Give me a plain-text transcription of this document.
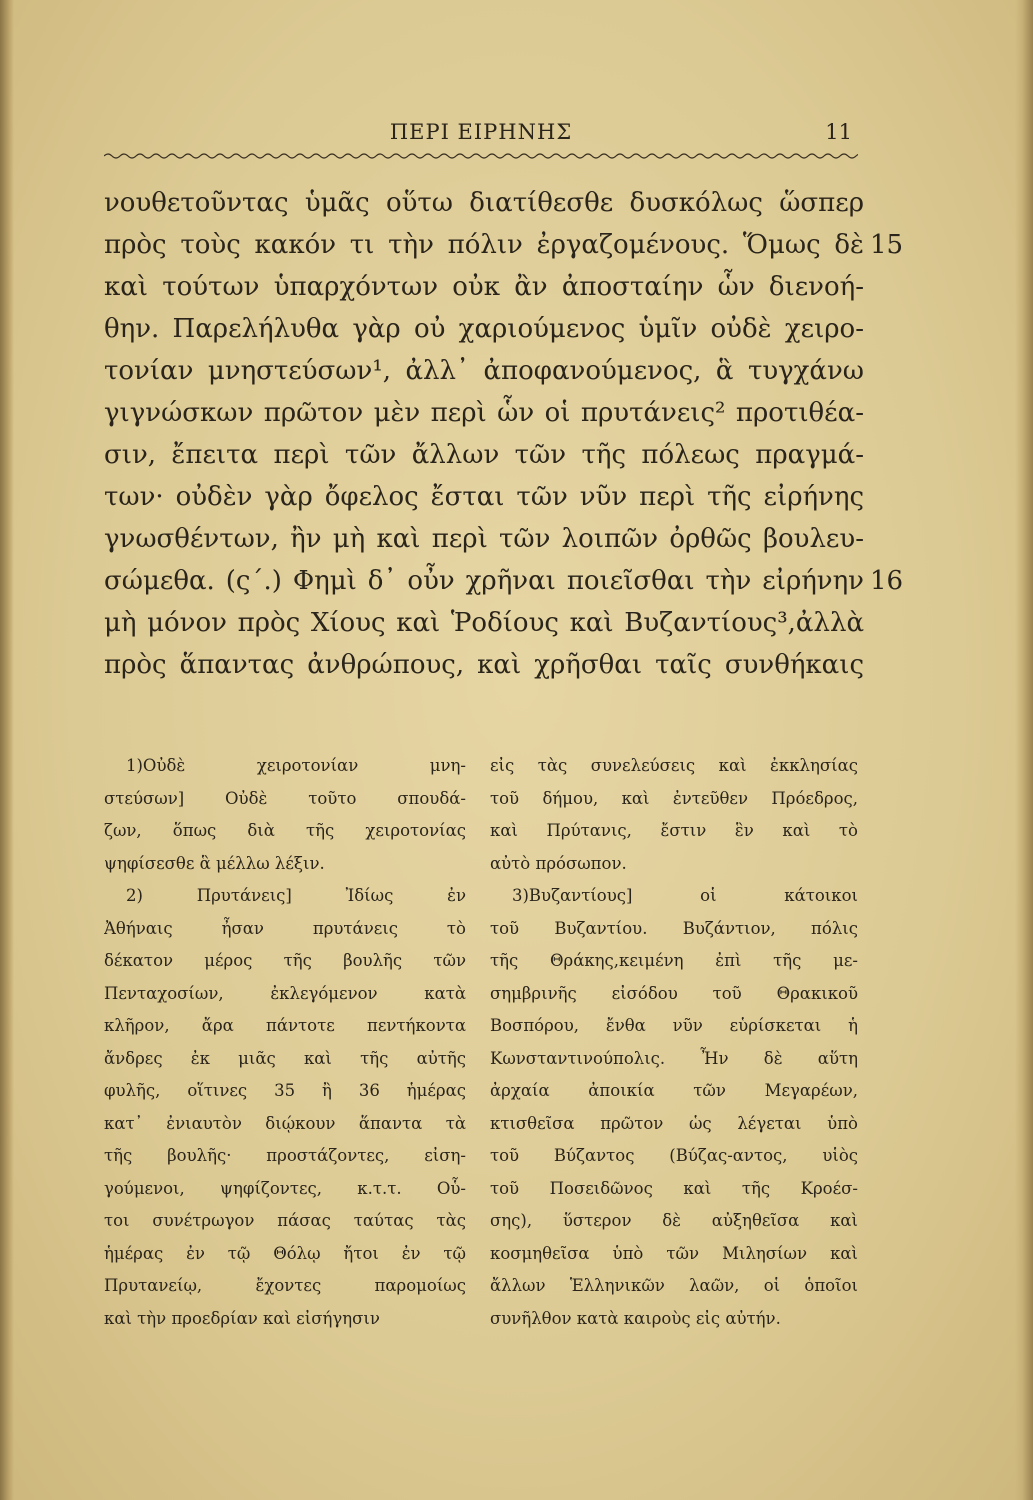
ΠΕΡΙ ΕΙΡΗΝΗΣ	11
νουθετοῦντας ὑμᾶς οὕτω διατίθεσθε δυσκόλως ὥσπερ
πρὸς τοὺς κακόν τι τὴν πόλιν ἐργαζομένους. Ὅμως δὲ 15
καὶ τούτων ὑπαρχόντων οὐκ ἂν ἀποσταίην ὧν διενοή-
θην. Παρελήλυθα γὰρ οὐ χαριούμενος ὑμῖν οὐδὲ χειρο-
τονίαν μνηστεύσων¹, ἀλλ᾽ ἀποφανούμενος, ἃ τυγχάνω
γιγνώσκων πρῶτον μὲν περὶ ὧν οἱ πρυτάνεις² προτιθέα-
σιν, ἔπειτα περὶ τῶν ἄλλων τῶν τῆς πόλεως πραγμά-
των· οὐδὲν γὰρ ὄφελος ἔσται τῶν νῦν περὶ τῆς εἰρήνης
γνωσθέντων, ἢν μὴ καὶ περὶ τῶν λοιπῶν ὀρθῶς βουλευ-
σώμεθα. (ς΄.) Φημὶ δ᾽ οὖν χρῆναι ποιεῖσθαι τὴν εἰρήνην 16
μὴ μόνον πρὸς Χίους καὶ Ῥοδίους καὶ Βυζαντίους³,ἀλλὰ
πρὸς ἅπαντας ἀνθρώπους, καὶ χρῆσθαι ταῖς συνθήκαις
1)Οὐδὲ χειροτονίαν μνη-
στεύσων] Οὐδὲ τοῦτο σπουδά-
ζων, ὅπως διὰ τῆς χειροτονίας
ψηφίσεσθε ἃ μέλλω λέξιν.
2) Πρυτάνεις] Ἰδίως ἐν
Ἀθήναις ἦσαν πρυτάνεις τὸ
δέκατον μέρος τῆς βουλῆς τῶν
Πενταχοσίων, ἐκλεγόμενον κατὰ
κλῆρον, ἄρα πάντοτε πεντήκοντα
ἄνδρες ἐκ μιᾶς καὶ τῆς αὐτῆς
φυλῆς, οἵτινες 35 ἢ 36 ἡμέρας
κατ᾽ ἐνιαυτὸν διῴκουν ἅπαντα τὰ
τῆς βουλῆς· προστάζοντες, εἰση-
γούμενοι, ψηφίζοντες, κ.τ.τ. Οὗ-
τοι συνέτρωγον πάσας ταύτας τὰς
ἡμέρας ἐν τῷ Θόλῳ ἤτοι ἐν τῷ
Πρυτανείῳ, ἔχοντες παρομοίως
καὶ τὴν προεδρίαν καὶ εἰσήγησιν
εἰς τὰς συνελεύσεις καὶ ἐκκλησίας
τοῦ δήμου, καὶ ἐντεῦθεν Πρόεδρος,
καὶ Πρύτανις, ἔστιν ἓν καὶ τὸ
αὐτὸ πρόσωπον.
3)Βυζαντίους] οἱ κάτοικοι
τοῦ Βυζαντίου. Βυζάντιον, πόλις
τῆς Θράκης,κειμένη ἐπὶ τῆς με-
σημβρινῆς εἰσόδου τοῦ Θρακικοῦ
Βοσπόρου, ἔνθα νῦν εὑρίσκεται ἡ
Κωνσταντινούπολις. Ἦν δὲ αὕτη
ἀρχαία ἀποικία τῶν Μεγαρέων,
κτισθεῖσα πρῶτον ὡς λέγεται ὑπὸ
τοῦ Βύζαντος (Βύζας-αντος, υἱὸς
τοῦ Ποσειδῶνος καὶ τῆς Κροέσ-
σης), ὕστερον δὲ αὐξηθεῖσα καὶ
κοσμηθεῖσα ὑπὸ τῶν Μιλησίων καὶ
ἄλλων Ἑλληνικῶν λαῶν, οἱ ὁποῖοι
συνῆλθον κατὰ καιροὺς εἰς αὐτήν.
